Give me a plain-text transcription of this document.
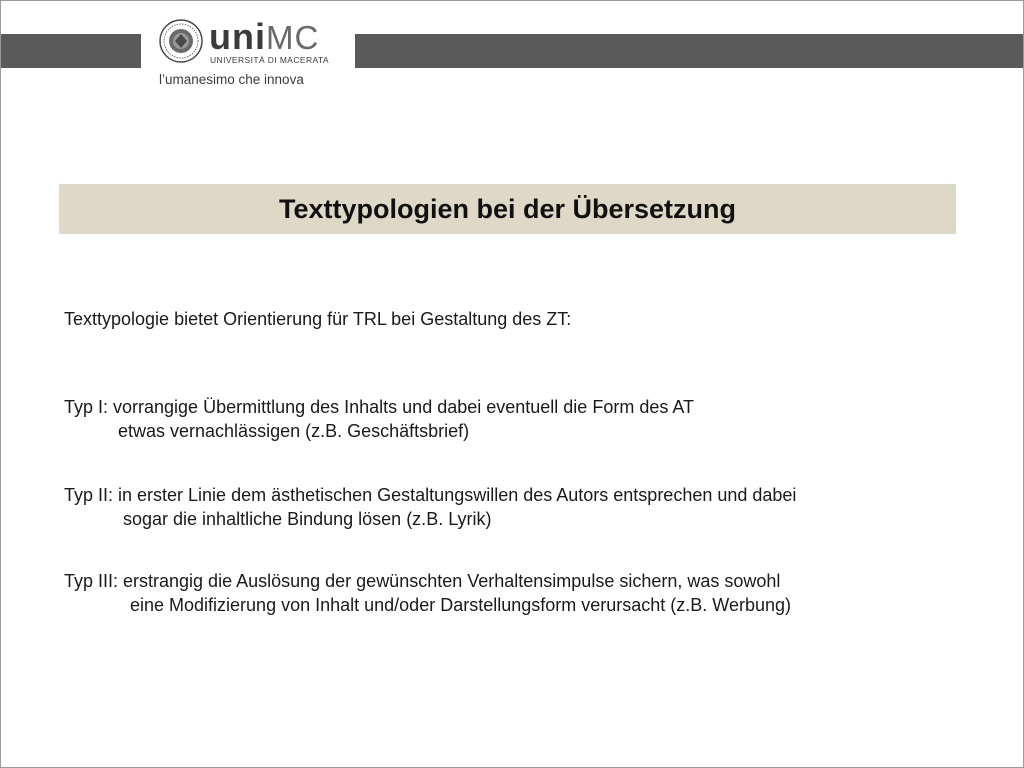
uniMC
UNIVERSITÀ DI MACERATA
l’umanesimo che innova
Texttypologien bei der Übersetzung
Texttypologie bietet Orientierung für TRL bei Gestaltung des ZT:
Typ I: vorrangige Übermittlung des Inhalts und dabei eventuell die Form des AT
etwas vernachlässigen (z.B. Geschäftsbrief)
Typ II: in erster Linie dem ästhetischen Gestaltungswillen des Autors entsprechen und dabei
sogar die inhaltliche Bindung lösen (z.B. Lyrik)
Typ III: erstrangig die Auslösung der gewünschten Verhaltensimpulse sichern, was sowohl
eine Modifizierung von Inhalt und/oder Darstellungsform verursacht (z.B. Werbung)
